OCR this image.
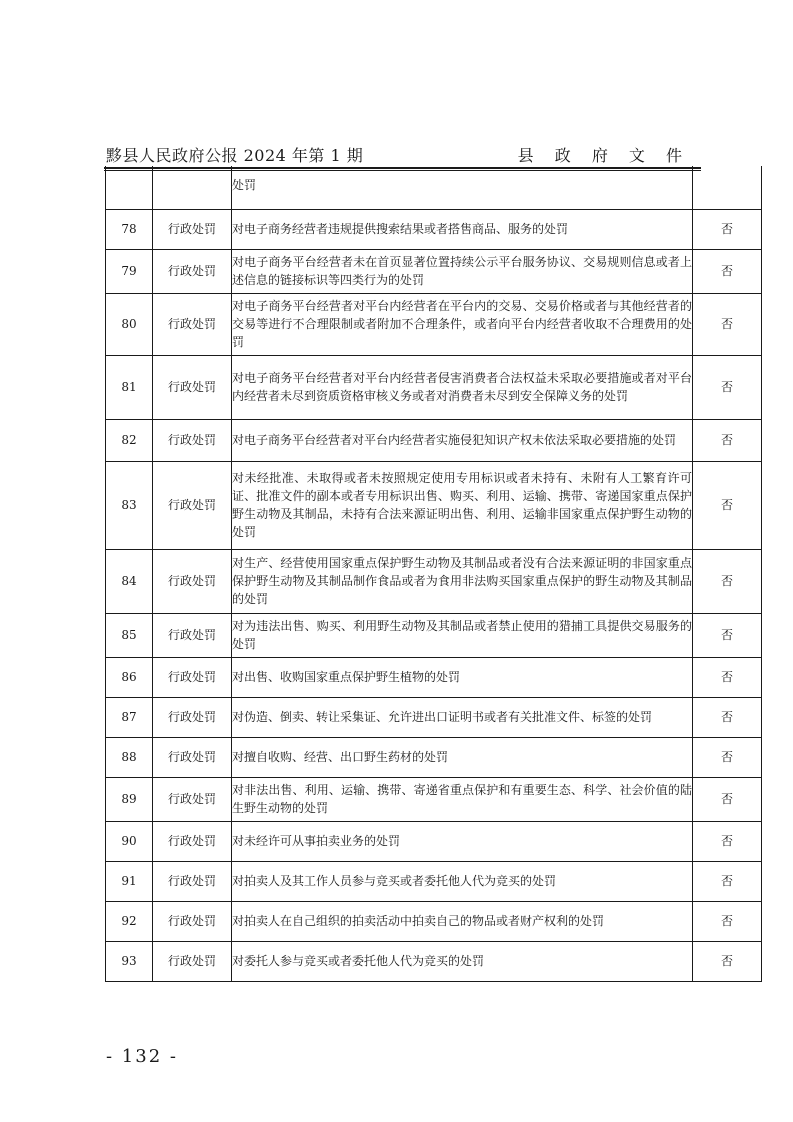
黟县人民政府公报 2024 年第 1 期	县 政 府 文 件
		处罚	
78	行政处罚	对电子商务经营者违规提供搜索结果或者搭售商品、服务的处罚	否
79	行政处罚	对电子商务平台经营者未在首页显著位置持续公示平台服务协议、交易规则信息或者上述信息的链接标识等四类行为的处罚	否
80	行政处罚	对电子商务平台经营者对平台内经营者在平台内的交易、交易价格或者与其他经营者的交易等进行不合理限制或者附加不合理条件，或者向平台内经营者收取不合理费用的处罚	否
81	行政处罚	对电子商务平台经营者对平台内经营者侵害消费者合法权益未采取必要措施或者对平台内经营者未尽到资质资格审核义务或者对消费者未尽到安全保障义务的处罚	否
82	行政处罚	对电子商务平台经营者对平台内经营者实施侵犯知识产权未依法采取必要措施的处罚	否
83	行政处罚	对未经批准、未取得或者未按照规定使用专用标识或者未持有、未附有人工繁育许可证、批准文件的副本或者专用标识出售、购买、利用、运输、携带、寄递国家重点保护野生动物及其制品，未持有合法来源证明出售、利用、运输非国家重点保护野生动物的处罚	否
84	行政处罚	对生产、经营使用国家重点保护野生动物及其制品或者没有合法来源证明的非国家重点保护野生动物及其制品制作食品或者为食用非法购买国家重点保护的野生动物及其制品的处罚	否
85	行政处罚	对为违法出售、购买、利用野生动物及其制品或者禁止使用的猎捕工具提供交易服务的处罚	否
86	行政处罚	对出售、收购国家重点保护野生植物的处罚	否
87	行政处罚	对伪造、倒卖、转让采集证、允许进出口证明书或者有关批准文件、标签的处罚	否
88	行政处罚	对擅自收购、经营、出口野生药材的处罚	否
89	行政处罚	对非法出售、利用、运输、携带、寄递省重点保护和有重要生态、科学、社会价值的陆生野生动物的处罚	否
90	行政处罚	对未经许可从事拍卖业务的处罚	否
91	行政处罚	对拍卖人及其工作人员参与竞买或者委托他人代为竞买的处罚	否
92	行政处罚	对拍卖人在自己组织的拍卖活动中拍卖自己的物品或者财产权利的处罚	否
93	行政处罚	对委托人参与竞买或者委托他人代为竞买的处罚	否
- 132 -
